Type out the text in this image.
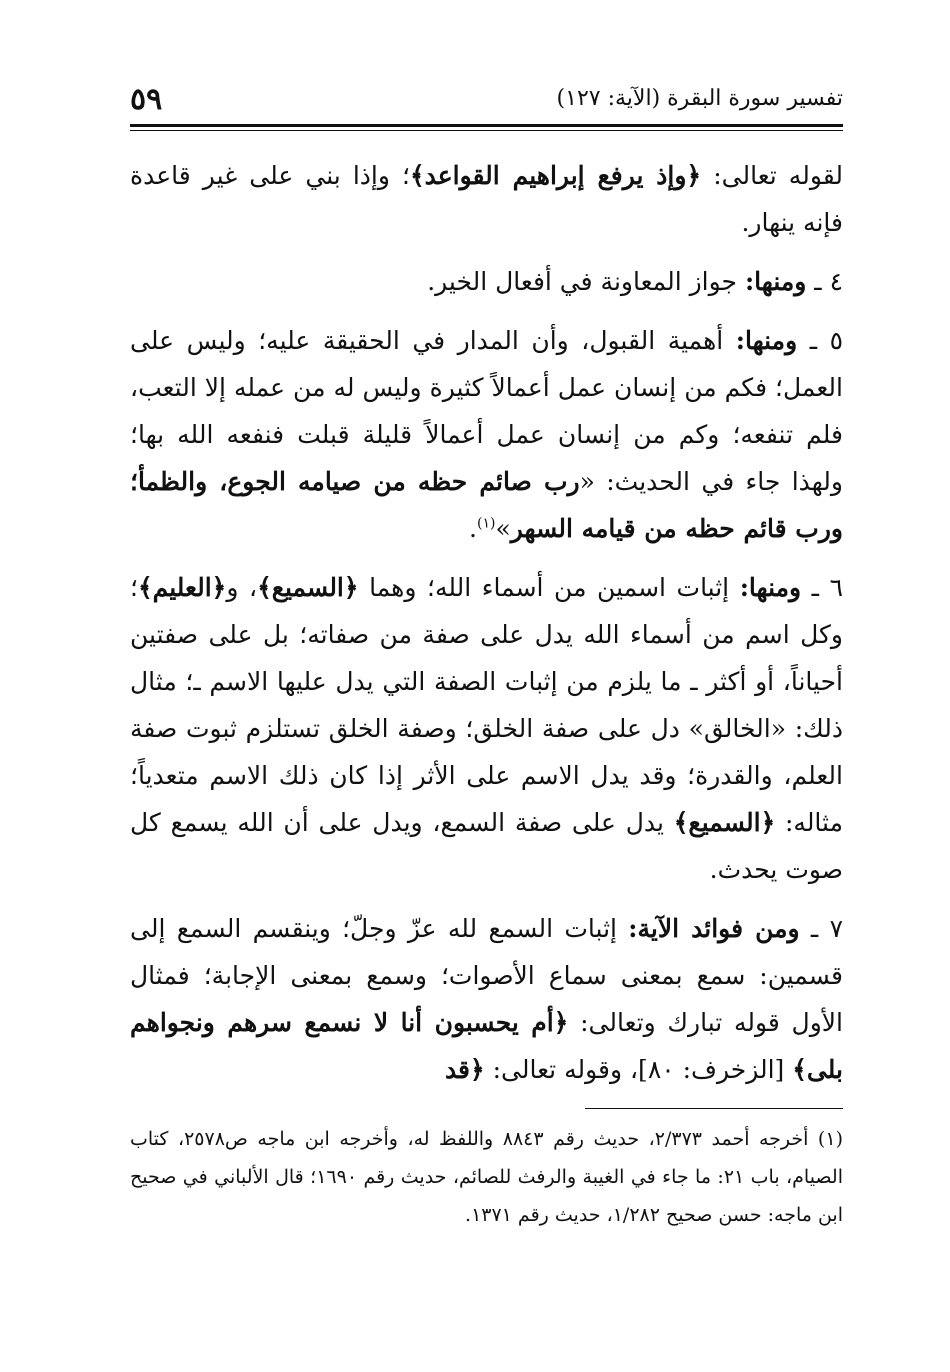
تفسير سورة البقرة (الآية: ١٢٧)
٥٩

لقوله تعالى: ﴿وإذ يرفع إبراهيم القواعد﴾؛ وإذا بني على غير قاعدة فإنه ينهار.

٤ ـ ومنها: جواز المعاونة في أفعال الخير.

٥ ـ ومنها: أهمية القبول، وأن المدار في الحقيقة عليه؛ وليس على العمل؛ فكم من إنسان عمل أعمالاً كثيرة وليس له من عمله إلا التعب، فلم تنفعه؛ وكم من إنسان عمل أعمالاً قليلة قبلت فنفعه الله بها؛ ولهذا جاء في الحديث: «رب صائم حظه من صيامه الجوع، والظمأ؛ ورب قائم حظه من قيامه السهر»$^{(١)}$.

٦ ـ ومنها: إثبات اسمين من أسماء الله؛ وهما ﴿السميع﴾، و﴿العليم﴾؛ وكل اسم من أسماء الله يدل على صفة من صفاته؛ بل على صفتين أحياناً، أو أكثر ـ ما يلزم من إثبات الصفة التي يدل عليها الاسم ـ؛ مثال ذلك: «الخالق» دل على صفة الخلق؛ وصفة الخلق تستلزم ثبوت صفة العلم، والقدرة؛ وقد يدل الاسم على الأثر إذا كان ذلك الاسم متعدياً؛ مثاله: ﴿السميع﴾ يدل على صفة السمع، ويدل على أن الله يسمع كل صوت يحدث.

٧ ـ ومن فوائد الآية: إثبات السمع لله عزّ وجلّ؛ وينقسم السمع إلى قسمين: سمع بمعنى سماع الأصوات؛ وسمع بمعنى الإجابة؛ فمثال الأول قوله تبارك وتعالى: ﴿أم يحسبون أنا لا نسمع سرهم ونجواهم بلى﴾ [الزخرف: ٨٠]، وقوله تعالى: ﴿قد

(١) أخرجه أحمد ٢/٣٧٣، حديث رقم ٨٨٤٣ واللفظ له، وأخرجه ابن ماجه ص٢٥٧٨، كتاب الصيام، باب ٢١: ما جاء في الغيبة والرفث للصائم، حديث رقم ١٦٩٠؛ قال الألباني في صحيح ابن ماجه: حسن صحيح ١/٢٨٢، حديث رقم ١٣٧١.
